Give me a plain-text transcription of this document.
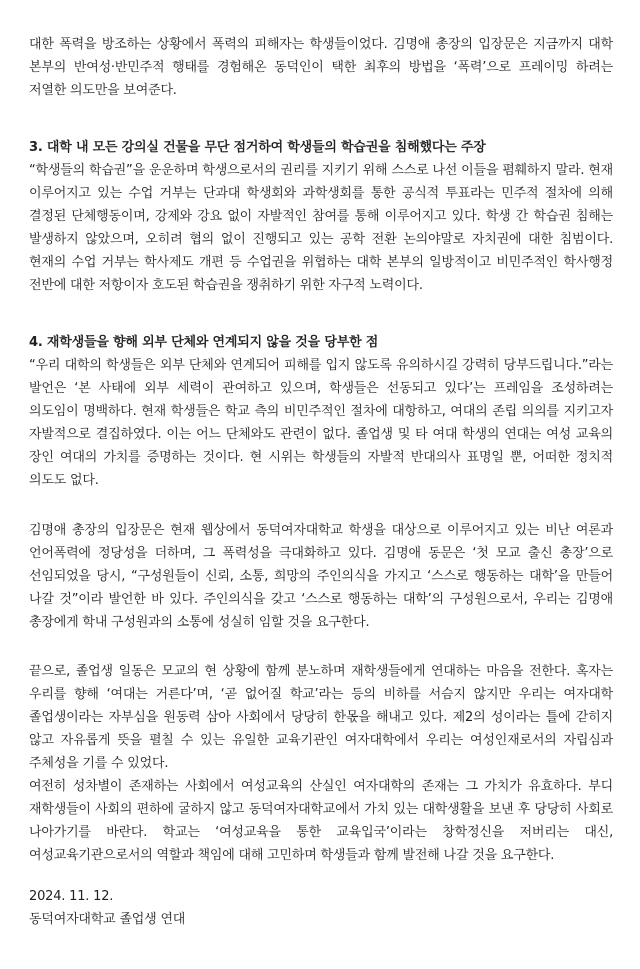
대한 폭력을 방조하는 상황에서 폭력의 피해자는 학생들이었다. 김명애 총장의 입장문은 지금까지 대학 본부의 반여성·반민주적 행태를 경험해온 동덕인이 택한 최후의 방법을 ‘폭력’으로 프레이밍 하려는 저열한 의도만을 보여준다.

3. 대학 내 모든 강의실 건물을 무단 점거하여 학생들의 학습권을 침해했다는 주장

“학생들의 학습권”을 운운하며 학생으로서의 권리를 지키기 위해 스스로 나선 이들을 폄훼하지 말라. 현재 이루어지고 있는 수업 거부는 단과대 학생회와 과학생회를 통한 공식적 투표라는 민주적 절차에 의해 결정된 단체행동이며, 강제와 강요 없이 자발적인 참여를 통해 이루어지고 있다. 학생 간 학습권 침해는 발생하지 않았으며, 오히려 협의 없이 진행되고 있는 공학 전환 논의야말로 자치권에 대한 침범이다. 현재의 수업 거부는 학사제도 개편 등 수업권을 위협하는 대학 본부의 일방적이고 비민주적인 학사행정 전반에 대한 저항이자 호도된 학습권을 쟁취하기 위한 자구적 노력이다.

4. 재학생들을 향해 외부 단체와 연계되지 않을 것을 당부한 점

“우리 대학의 학생들은 외부 단체와 연계되어 피해를 입지 않도록 유의하시길 강력히 당부드립니다.”라는 발언은 ‘본 사태에 외부 세력이 관여하고 있으며, 학생들은 선동되고 있다’는 프레임을 조성하려는 의도임이 명백하다. 현재 학생들은 학교 측의 비민주적인 절차에 대항하고, 여대의 존립 의의를 지키고자 자발적으로 결집하였다. 이는 어느 단체와도 관련이 없다. 졸업생 및 타 여대 학생의 연대는 여성 교육의 장인 여대의 가치를 증명하는 것이다. 현 시위는 학생들의 자발적 반대의사 표명일 뿐, 어떠한 정치적 의도도 없다.

김명애 총장의 입장문은 현재 웹상에서 동덕여자대학교 학생을 대상으로 이루어지고 있는 비난 여론과 언어폭력에 정당성을 더하며, 그 폭력성을 극대화하고 있다. 김명애 동문은 ‘첫 모교 출신 총장’으로 선임되었을 당시, “구성원들이 신뢰, 소통, 희망의 주인의식을 가지고 ‘스스로 행동하는 대학’을 만들어 나갈 것”이라 발언한 바 있다. 주인의식을 갖고 ‘스스로 행동하는 대학’의 구성원으로서, 우리는 김명애 총장에게 학내 구성원과의 소통에 성실히 임할 것을 요구한다.

끝으로, 졸업생 일동은 모교의 현 상황에 함께 분노하며 재학생들에게 연대하는 마음을 전한다. 혹자는 우리를 향해 ‘여대는 거른다’며, ‘곧 없어질 학교’라는 등의 비하를 서슴지 않지만 우리는 여자대학 졸업생이라는 자부심을 원동력 삼아 사회에서 당당히 한몫을 해내고 있다. 제2의 성이라는 틀에 갇히지 않고 자유롭게 뜻을 펼칠 수 있는 유일한 교육기관인 여자대학에서 우리는 여성인재로서의 자립심과 주체성을 기를 수 있었다.

여전히 성차별이 존재하는 사회에서 여성교육의 산실인 여자대학의 존재는 그 가치가 유효하다. 부디 재학생들이 사회의 편하에 굴하지 않고 동덕여자대학교에서 가치 있는 대학생활을 보낸 후 당당히 사회로 나아가기를 바란다. 학교는 ‘여성교육을 통한 교육입국’이라는 창학정신을 저버리는 대신, 여성교육기관으로서의 역할과 책임에 대해 고민하며 학생들과 함께 발전해 나갈 것을 요구한다.

2024. 11. 12.

동덕여자대학교 졸업생 연대
